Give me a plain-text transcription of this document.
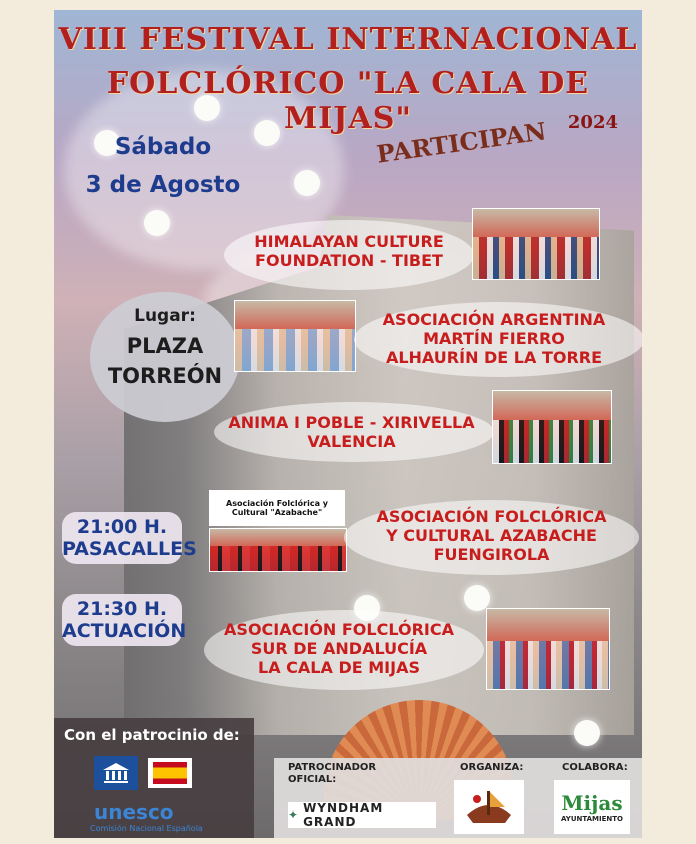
VIII FESTIVAL INTERNACIONAL
FOLCLÓRICO "LA CALA DE MIJAS"	2024
Sábado
3 de Agosto
PARTICIPAN
Lugar:
PLAZA
TORREÓN
HIMALAYAN CULTURE
FOUNDATION - TIBET
ASOCIACIÓN ARGENTINA
MARTÍN FIERRO
ALHAURÍN DE LA TORRE
ANIMA I POBLE - XIRIVELLA
VALENCIA
Asociación Folclórica y Cultural "Azabache"	ASOCIACIÓN FOLCLÓRICA
Y CULTURAL AZABACHE
FUENGIROLA
ASOCIACIÓN FOLCLÓRICA
SUR DE ANDALUCÍA
LA CALA DE MIJAS
21:00 H.
PASACALLES
21:30 H.
ACTUACIÓN
Con el patrocinio de:
unesco
Comisión Nacional Española
PATROCINADOR
OFICIAL:
✦ WYNDHAM GRAND
ORGANIZA:	COLABORA:
Mijas
AYUNTAMIENTO
